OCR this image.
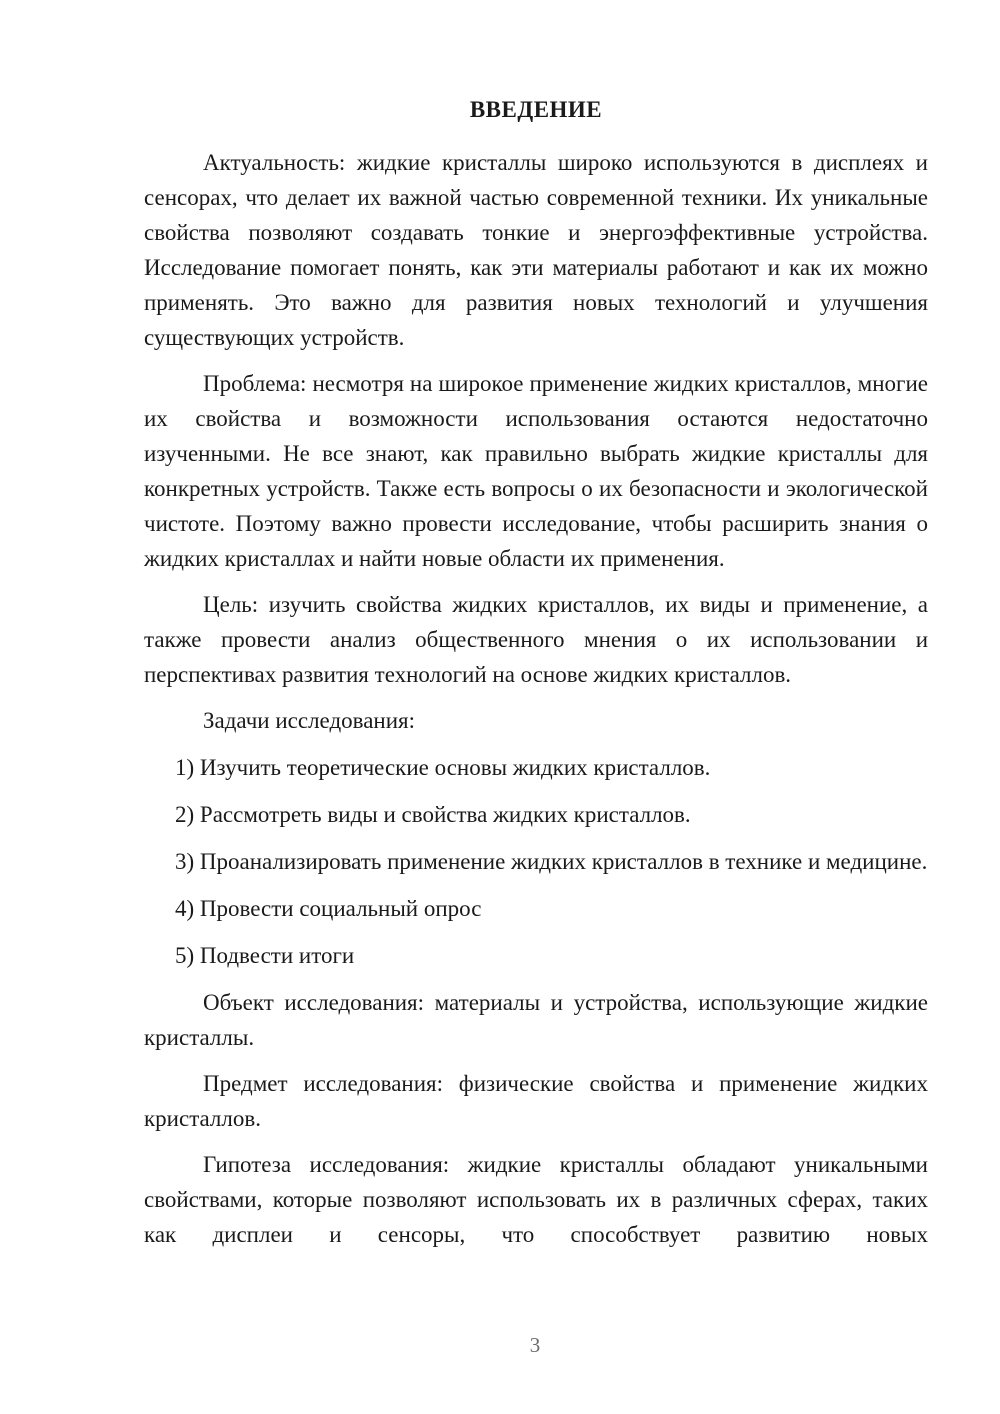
ВВЕДЕНИЕ

Актуальность: жидкие кристаллы широко используются в дисплеях и сенсорах, что делает их важной частью современной техники. Их уникальные свойства позволяют создавать тонкие и энергоэффективные устройства. Исследование помогает понять, как эти материалы работают и как их можно применять. Это важно для развития новых технологий и улучшения существующих устройств.

Проблема: несмотря на широкое применение жидких кристаллов, многие их свойства и возможности использования остаются недостаточно изученными. Не все знают, как правильно выбрать жидкие кристаллы для конкретных устройств. Также есть вопросы о их безопасности и экологической чистоте. Поэтому важно провести исследование, чтобы расширить знания о жидких кристаллах и найти новые области их применения.

Цель: изучить свойства жидких кристаллов, их виды и применение, а также провести анализ общественного мнения о их использовании и перспективах развития технологий на основе жидких кристаллов.

Задачи исследования:

1) Изучить теоретические основы жидких кристаллов.

2) Рассмотреть виды и свойства жидких кристаллов.

3) Проанализировать применение жидких кристаллов в технике и медицине.

4) Провести социальный опрос

5) Подвести итоги

Объект исследования: материалы и устройства, использующие жидкие кристаллы.

Предмет исследования: физические свойства и применение жидких кристаллов.

Гипотеза исследования: жидкие кристаллы обладают уникальными свойствами, которые позволяют использовать их в различных сферах, таких как дисплеи и сенсоры, что способствует развитию новых

3
